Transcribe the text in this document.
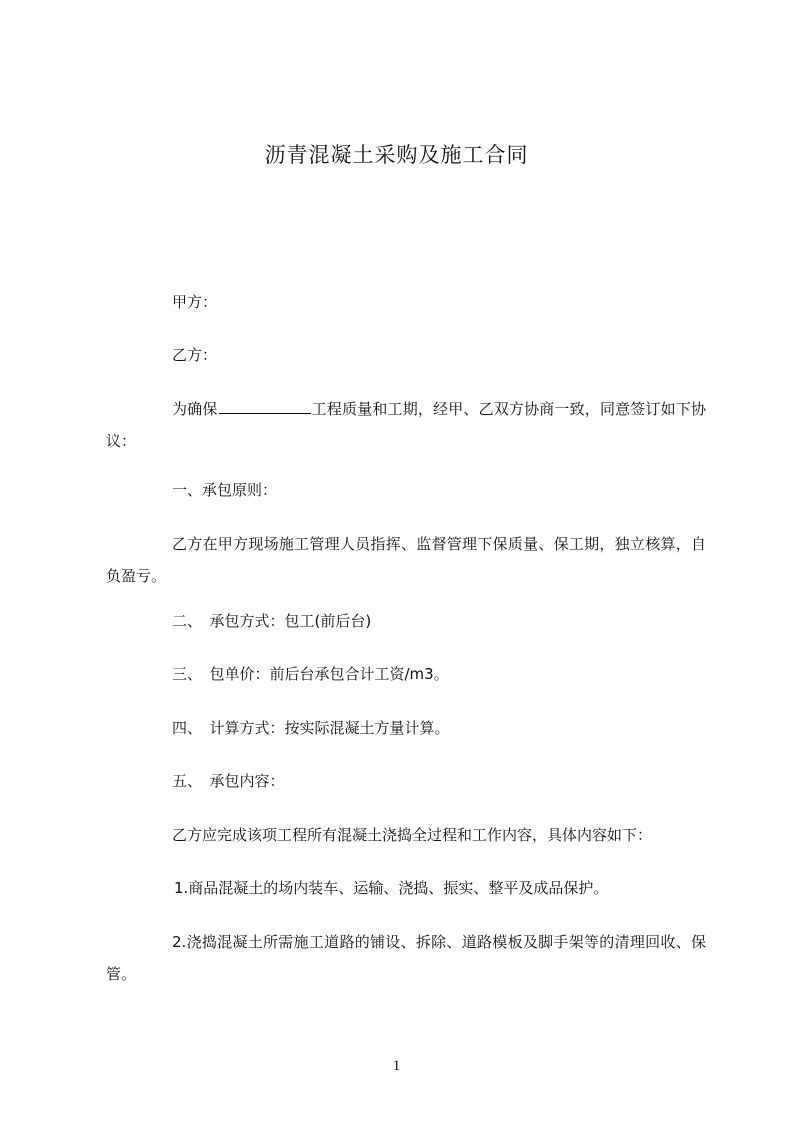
沥青混凝土采购及施工合同
甲方：
乙方：
为确保	工程质量和工期，经甲、乙双方协商一致，同意签订如下协议：
一、承包原则：
乙方在甲方现场施工管理人员指挥、监督管理下保质量、保工期，独立核算，自负盈亏。
二、　承包方式：包工(前后台)
三、　包单价：前后台承包合计工资/m3。
四、　计算方式：按实际混凝土方量计算。
五、　承包内容：
乙方应完成该项工程所有混凝土浇捣全过程和工作内容，具体内容如下：
1.商品混凝土的场内装车、运输、浇捣、振实、整平及成品保护。
2.浇捣混凝土所需施工道路的铺设、拆除、道路模板及脚手架等的清理回收、保管。
1
